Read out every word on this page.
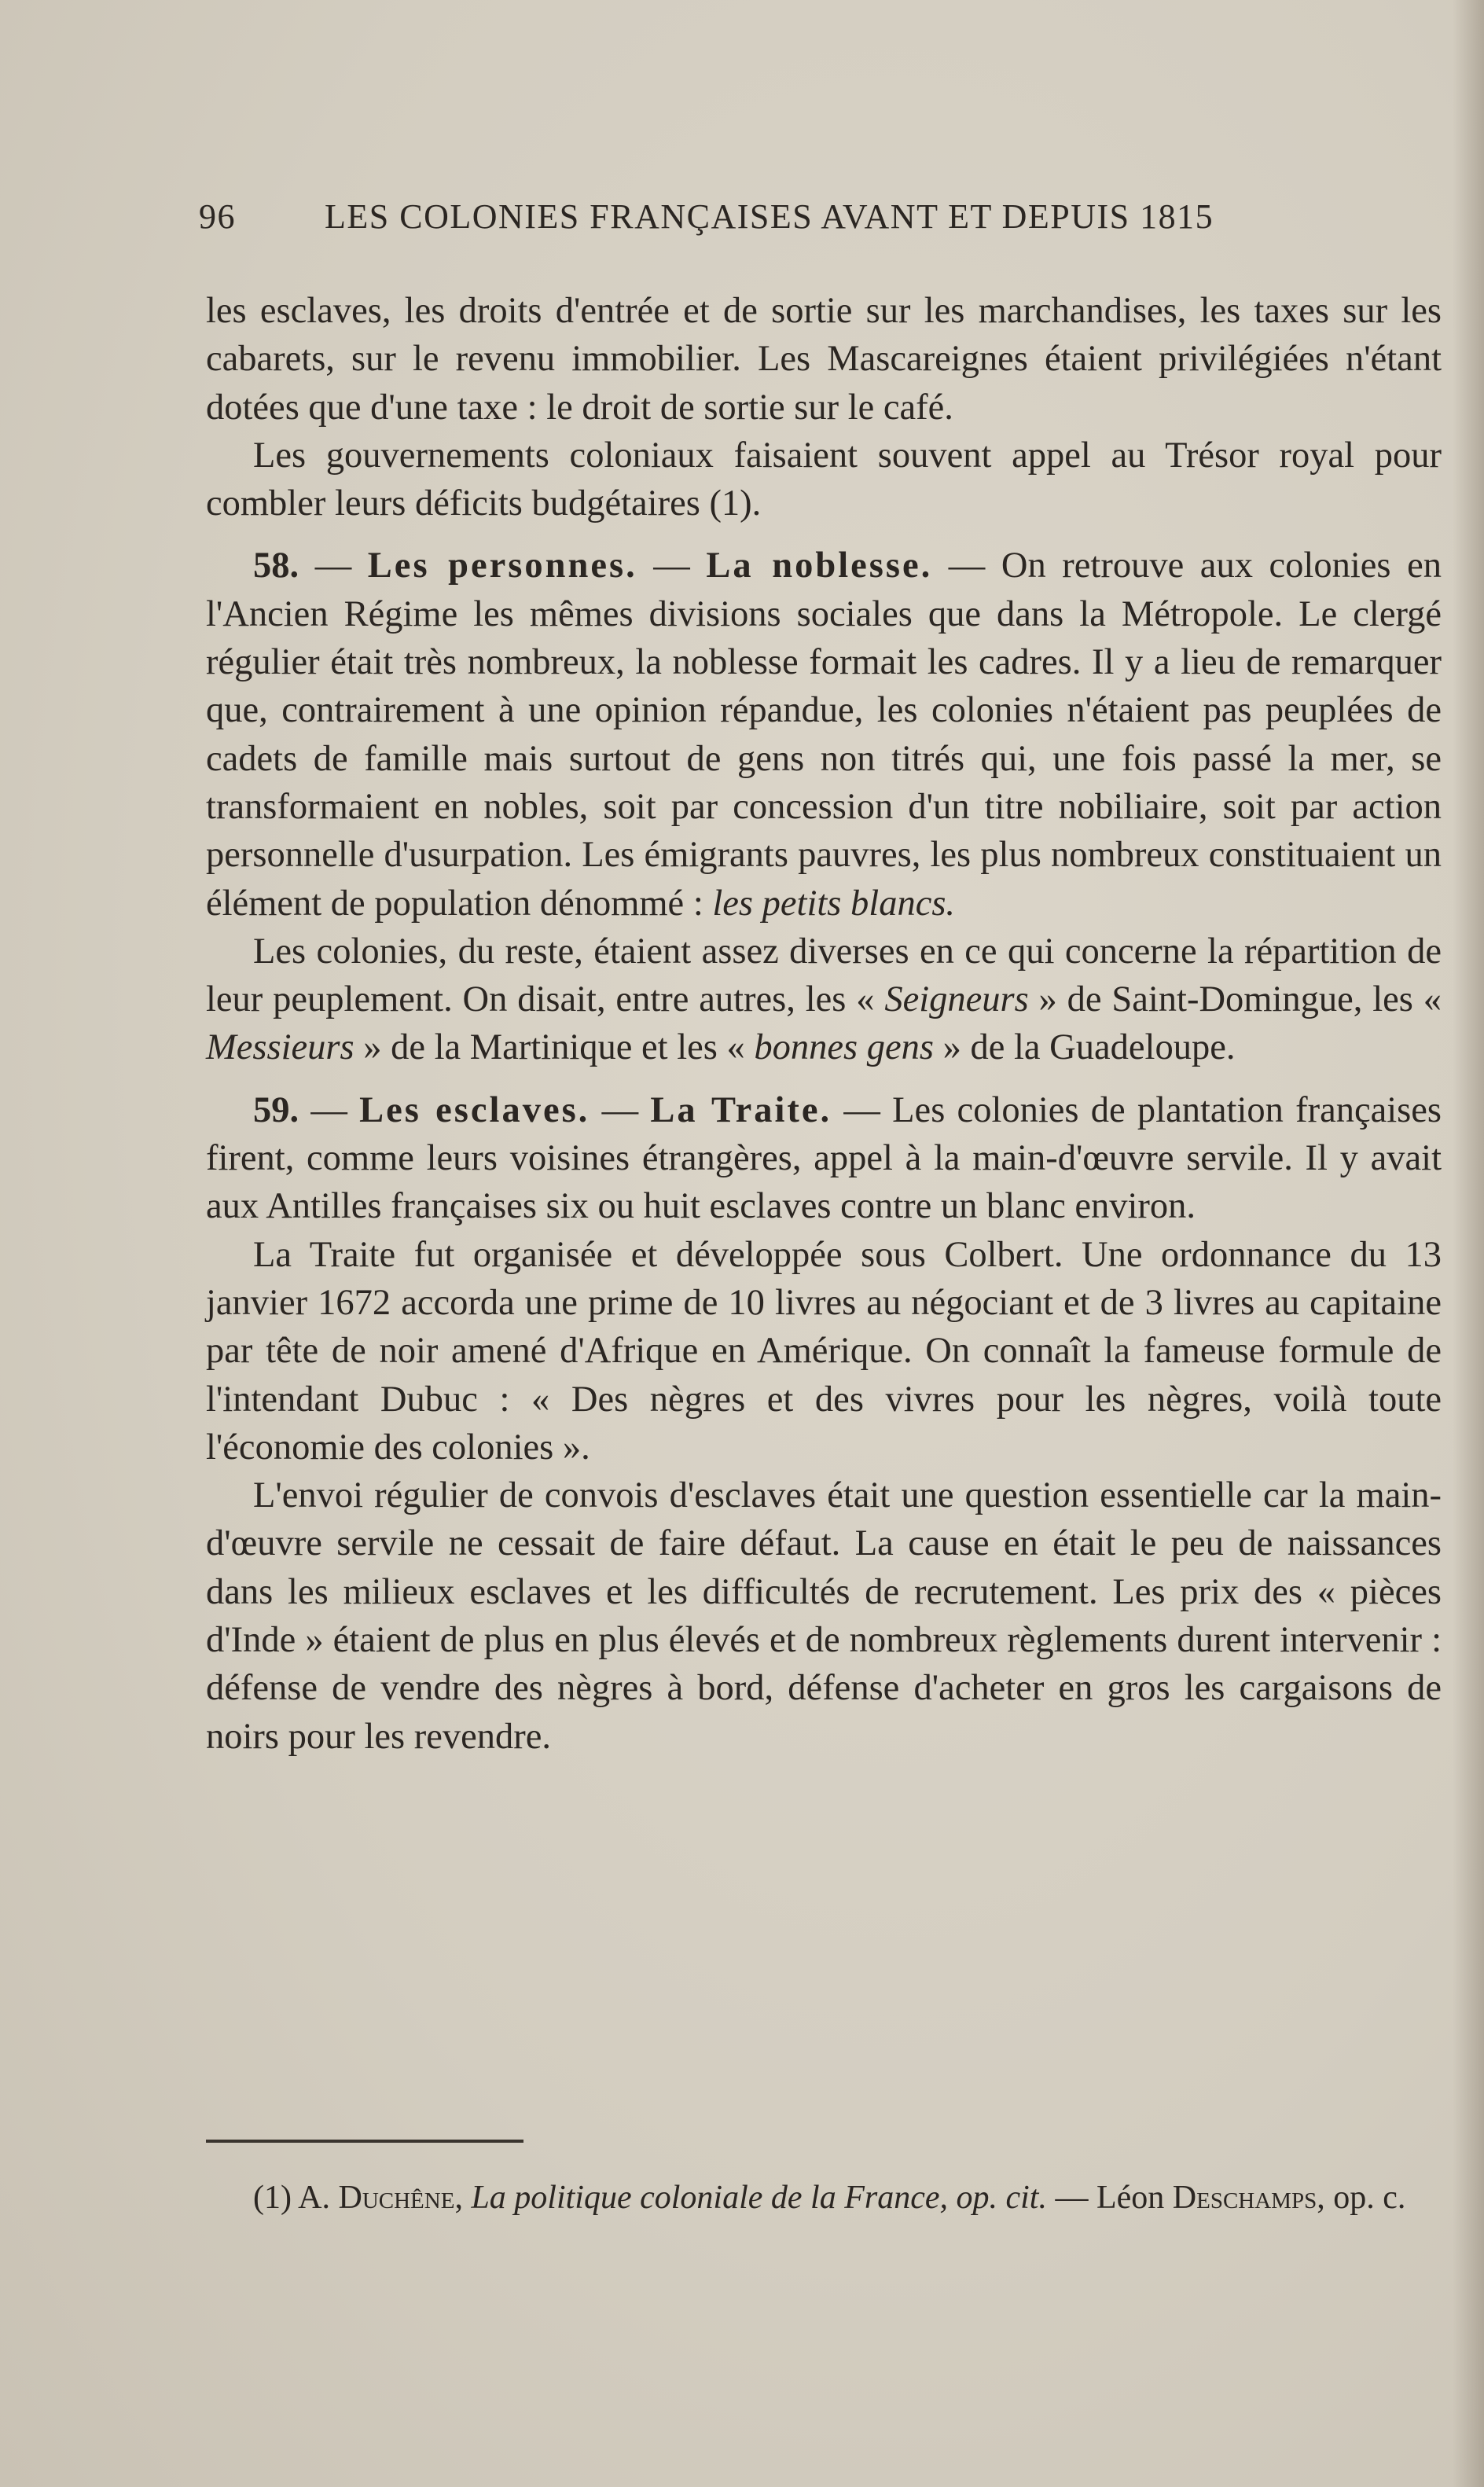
96	LES COLONIES FRANÇAISES AVANT ET DEPUIS 1815

les esclaves, les droits d'entrée et de sortie sur les marchandises, les taxes sur les cabarets, sur le revenu immobilier. Les Mascareignes étaient privilégiées n'étant dotées que d'une taxe : le droit de sortie sur le café.

Les gouvernements coloniaux faisaient souvent appel au Trésor royal pour combler leurs déficits budgétaires (1).

58. — Les personnes. — La noblesse. — On retrouve aux colonies en l'Ancien Régime les mêmes divisions sociales que dans la Métropole. Le clergé régulier était très nombreux, la noblesse formait les cadres. Il y a lieu de remarquer que, contrairement à une opinion répandue, les colonies n'étaient pas peuplées de cadets de famille mais surtout de gens non titrés qui, une fois passé la mer, se transformaient en nobles, soit par concession d'un titre nobiliaire, soit par action personnelle d'usurpation. Les émigrants pauvres, les plus nombreux constituaient un élément de population dénommé : les petits blancs.

Les colonies, du reste, étaient assez diverses en ce qui concerne la répartition de leur peuplement. On disait, entre autres, les « Seigneurs » de Saint-Domingue, les « Messieurs » de la Martinique et les « bonnes gens » de la Guadeloupe.

59. — Les esclaves. — La Traite. — Les colonies de plantation françaises firent, comme leurs voisines étrangères, appel à la main-d'œuvre servile. Il y avait aux Antilles françaises six ou huit esclaves contre un blanc environ.

La Traite fut organisée et développée sous Colbert. Une ordonnance du 13 janvier 1672 accorda une prime de 10 livres au négociant et de 3 livres au capitaine par tête de noir amené d'Afrique en Amérique. On connaît la fameuse formule de l'intendant Dubuc : « Des nègres et des vivres pour les nègres, voilà toute l'économie des colonies ».

L'envoi régulier de convois d'esclaves était une question essentielle car la main-d'œuvre servile ne cessait de faire défaut. La cause en était le peu de naissances dans les milieux esclaves et les difficultés de recrutement. Les prix des « pièces d'Inde » étaient de plus en plus élevés et de nombreux règlements durent intervenir : défense de vendre des nègres à bord, défense d'acheter en gros les cargaisons de noirs pour les revendre.

(1) A. Duchêne, La politique coloniale de la France, op. cit. — Léon Deschamps, op. c.
